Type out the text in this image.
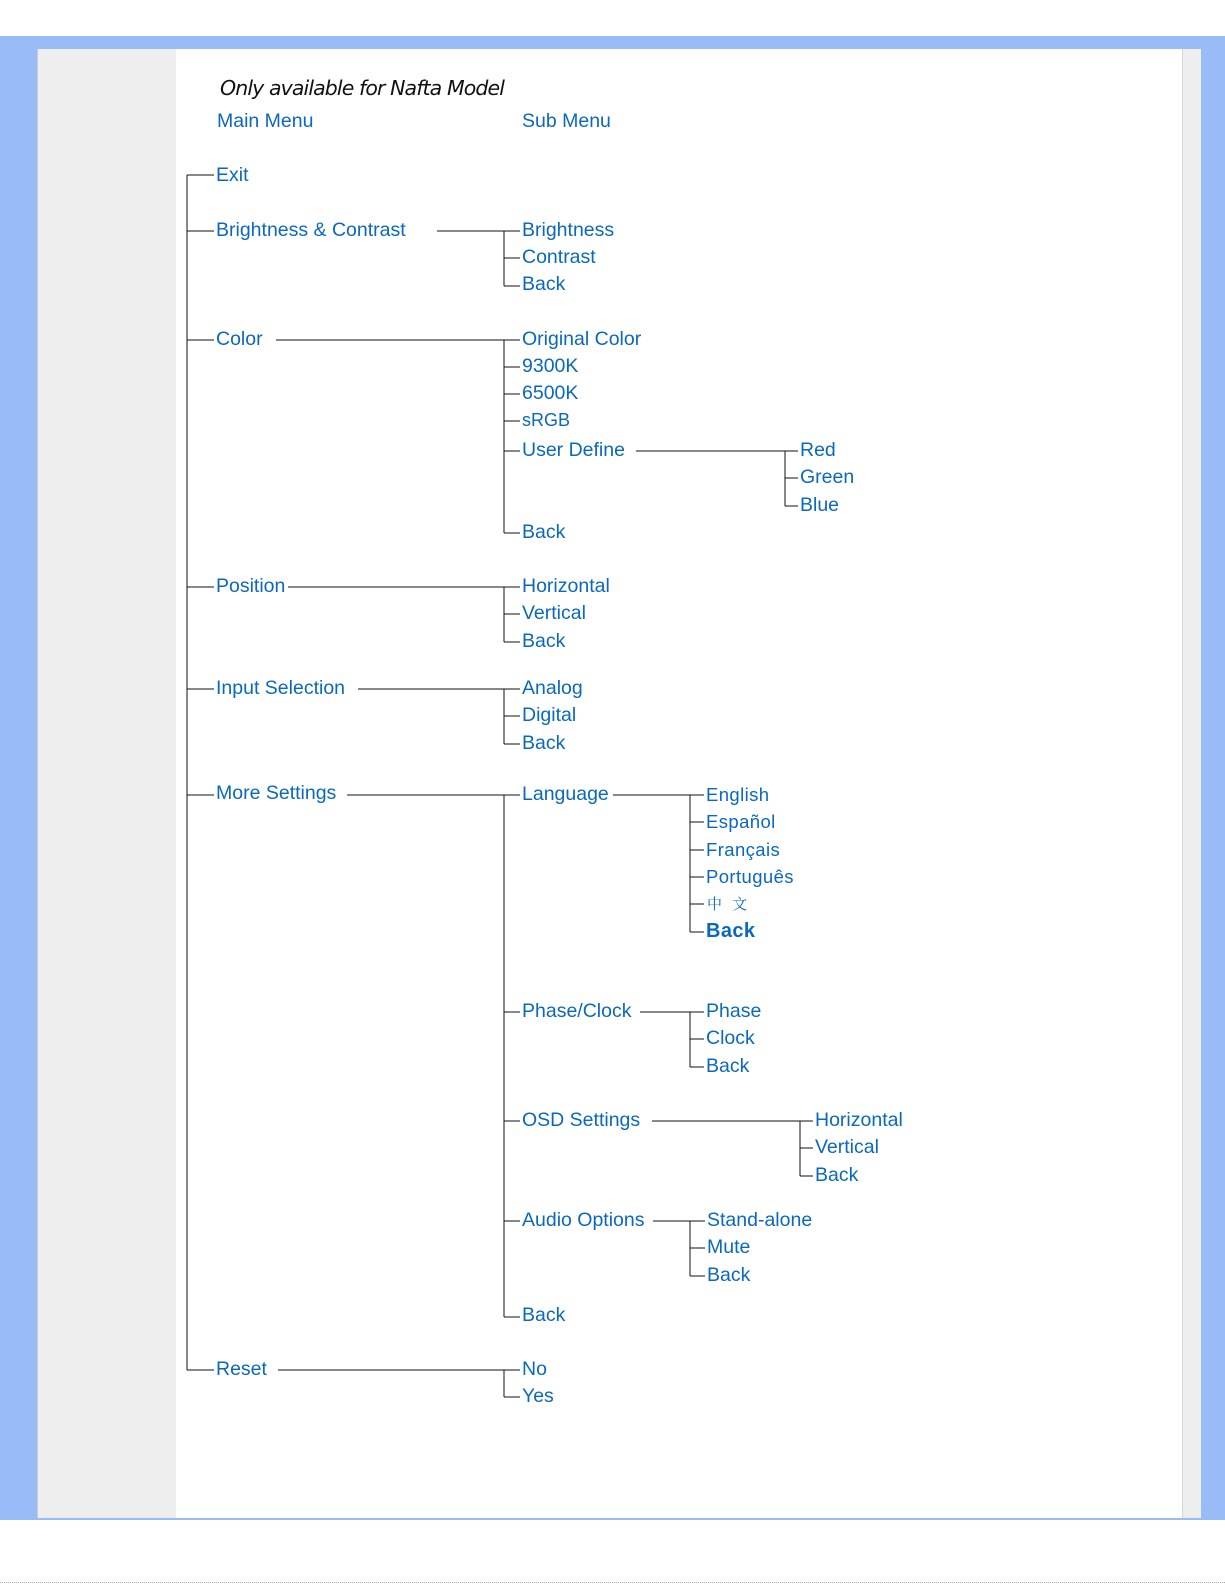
Only available for Nafta Model
Main Menu	Sub Menu
Exit
Brightness & Contrast
Color
Position
Input Selection
More Settings
Reset
Brightness
Contrast
Back
Original Color
9300K
6500K
sRGB
User Define
Back
Red
Green
Blue
Horizontal
Vertical
Back
Analog
Digital
Back
Language
Phase/Clock
OSD Settings
Audio Options
Back
English
Español
Français
Português
中 文
Back
Phase
Clock
Back
Horizontal
Vertical
Back
Stand-alone
Mute
Back
No
Yes
